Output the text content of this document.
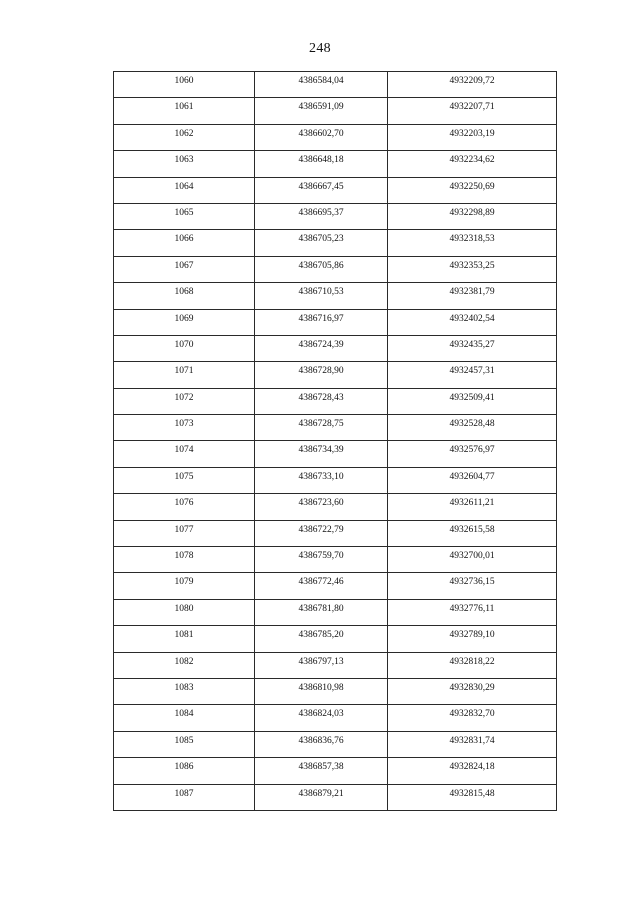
248
1060	4386584,04	4932209,72
1061	4386591,09	4932207,71
1062	4386602,70	4932203,19
1063	4386648,18	4932234,62
1064	4386667,45	4932250,69
1065	4386695,37	4932298,89
1066	4386705,23	4932318,53
1067	4386705,86	4932353,25
1068	4386710,53	4932381,79
1069	4386716,97	4932402,54
1070	4386724,39	4932435,27
1071	4386728,90	4932457,31
1072	4386728,43	4932509,41
1073	4386728,75	4932528,48
1074	4386734,39	4932576,97
1075	4386733,10	4932604,77
1076	4386723,60	4932611,21
1077	4386722,79	4932615,58
1078	4386759,70	4932700,01
1079	4386772,46	4932736,15
1080	4386781,80	4932776,11
1081	4386785,20	4932789,10
1082	4386797,13	4932818,22
1083	4386810,98	4932830,29
1084	4386824,03	4932832,70
1085	4386836,76	4932831,74
1086	4386857,38	4932824,18
1087	4386879,21	4932815,48
